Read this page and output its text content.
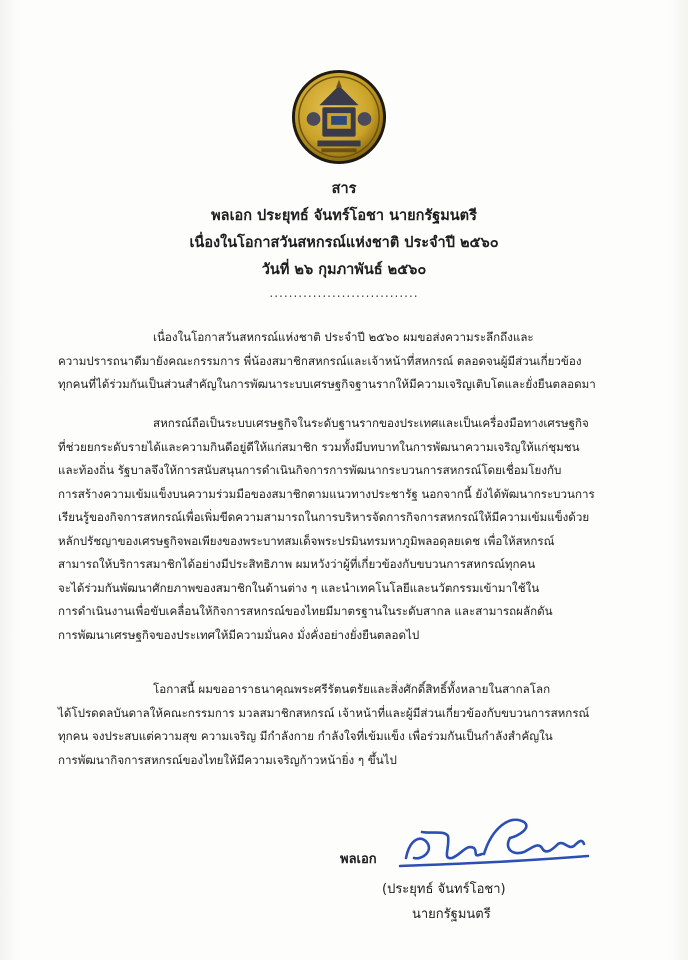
สาร
พลเอก ประยุทธ์ จันทร์โอชา นายกรัฐมนตรี
เนื่องในโอกาสวันสหกรณ์แห่งชาติ ประจำปี ๒๕๖๐
วันที่ ๒๖ กุมภาพันธ์ ๒๕๖๐
...............................
เนื่องในโอกาสวันสหกรณ์แห่งชาติ ประจำปี ๒๕๖๐ ผมขอส่งความระลึกถึงและ
ความปรารถนาดีมายังคณะกรรมการ พี่น้องสมาชิกสหกรณ์และเจ้าหน้าที่สหกรณ์ ตลอดจนผู้มีส่วนเกี่ยวข้อง
ทุกคนที่ได้ร่วมกันเป็นส่วนสำคัญในการพัฒนาระบบเศรษฐกิจฐานรากให้มีความเจริญเติบโตและยั่งยืนตลอดมา
สหกรณ์ถือเป็นระบบเศรษฐกิจในระดับฐานรากของประเทศและเป็นเครื่องมือทางเศรษฐกิจ
ที่ช่วยยกระดับรายได้และความกินดีอยู่ดีให้แก่สมาชิก รวมทั้งมีบทบาทในการพัฒนาความเจริญให้แก่ชุมชน
และท้องถิ่น รัฐบาลจึงให้การสนับสนุนการดำเนินกิจการการพัฒนากระบวนการสหกรณ์โดยเชื่อมโยงกับ
การสร้างความเข้มแข็งบนความร่วมมือของสมาชิกตามแนวทางประชารัฐ นอกจากนี้ ยังได้พัฒนากระบวนการ
เรียนรู้ของกิจการสหกรณ์เพื่อเพิ่มขีดความสามารถในการบริหารจัดการกิจการสหกรณ์ให้มีความเข้มแข็งด้วย
หลักปรัชญาของเศรษฐกิจพอเพียงของพระบาทสมเด็จพระปรมินทรมหาภูมิพลอดุลยเดช เพื่อให้สหกรณ์
สามารถให้บริการสมาชิกได้อย่างมีประสิทธิภาพ ผมหวังว่าผู้ที่เกี่ยวข้องกับขบวนการสหกรณ์ทุกคน
จะได้ร่วมกันพัฒนาศักยภาพของสมาชิกในด้านต่าง ๆ และนำเทคโนโลยีและนวัตกรรมเข้ามาใช้ใน
การดำเนินงานเพื่อขับเคลื่อนให้กิจการสหกรณ์ของไทยมีมาตรฐานในระดับสากล และสามารถผลักดัน
การพัฒนาเศรษฐกิจของประเทศให้มีความมั่นคง มั่งคั่งอย่างยั่งยืนตลอดไป
โอกาสนี้ ผมขออาราธนาคุณพระศรีรัตนตรัยและสิ่งศักดิ์สิทธิ์ทั้งหลายในสากลโลก
ได้โปรดดลบันดาลให้คณะกรรมการ มวลสมาชิกสหกรณ์ เจ้าหน้าที่และผู้มีส่วนเกี่ยวข้องกับขบวนการสหกรณ์
ทุกคน จงประสบแต่ความสุข ความเจริญ มีกำลังกาย กำลังใจที่เข้มแข็ง เพื่อร่วมกันเป็นกำลังสำคัญใน
การพัฒนากิจการสหกรณ์ของไทยให้มีความเจริญก้าวหน้ายิ่ง ๆ ขึ้นไป
พลเอก
(ประยุทธ์ จันทร์โอชา)
นายกรัฐมนตรี
